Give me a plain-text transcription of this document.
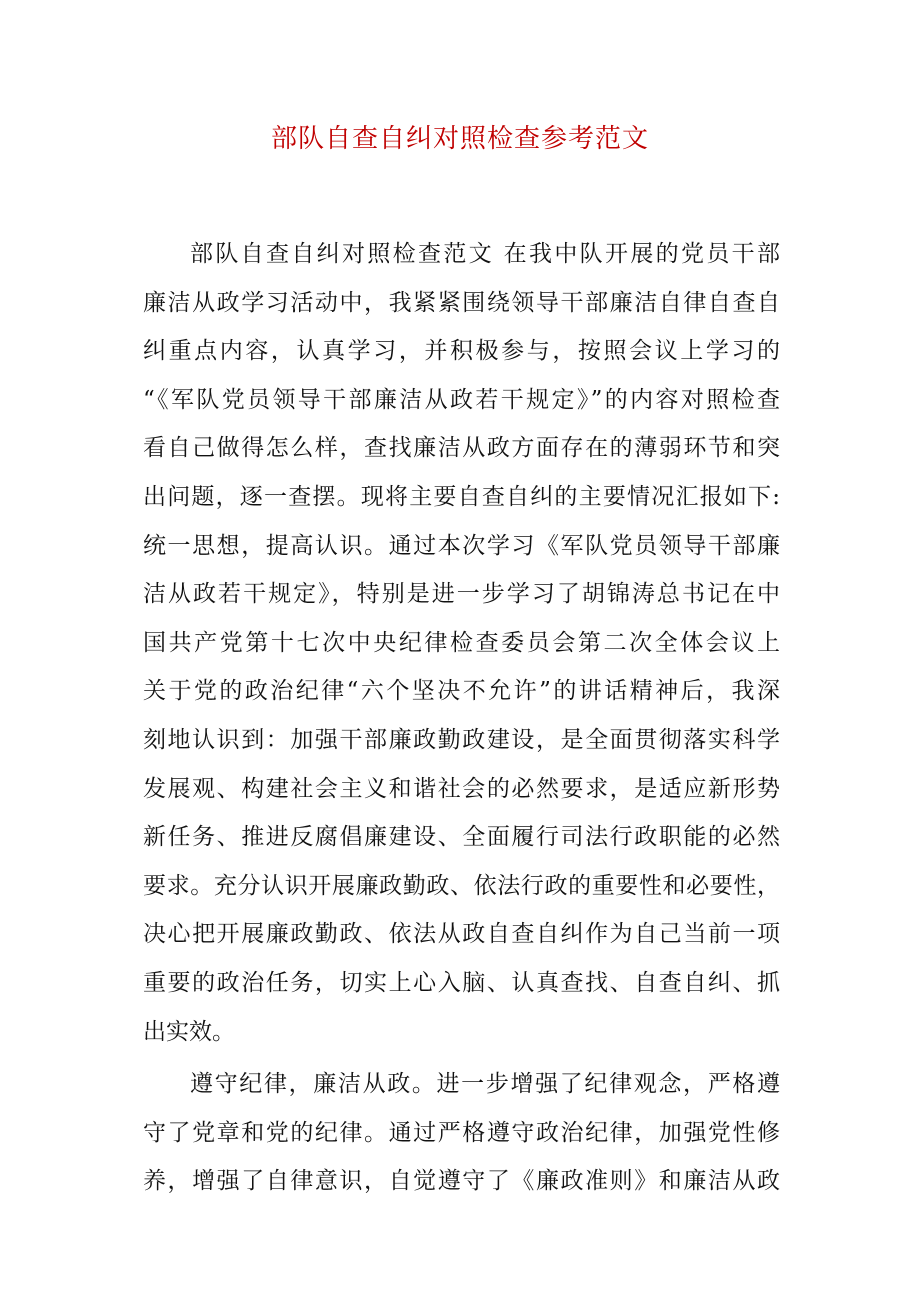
部队自查自纠对照检查参考范文
部队自查自纠对照检查范文 在我中队开展的党员干部
廉洁从政学习活动中，我紧紧围绕领导干部廉洁自律自查自
纠重点内容，认真学习，并积极参与，按照会议上学习的
“《军队党员领导干部廉洁从政若干规定》”的内容对照检查
看自己做得怎么样，查找廉洁从政方面存在的薄弱环节和突
出问题，逐一查摆。现将主要自查自纠的主要情况汇报如下:
统一思想，提高认识。通过本次学习《军队党员领导干部廉
洁从政若干规定》，特别是进一步学习了胡锦涛总书记在中
国共产党第十七次中央纪律检查委员会第二次全体会议上
关于党的政治纪律“六个坚决不允许”的讲话精神后，我深
刻地认识到：加强干部廉政勤政建设，是全面贯彻落实科学
发展观、构建社会主义和谐社会的必然要求，是适应新形势
新任务、推进反腐倡廉建设、全面履行司法行政职能的必然
要求。充分认识开展廉政勤政、依法行政的重要性和必要性，
决心把开展廉政勤政、依法从政自查自纠作为自己当前一项
重要的政治任务，切实上心入脑、认真查找、自查自纠、抓
出实效。
遵守纪律，廉洁从政。进一步增强了纪律观念，严格遵
守了党章和党的纪律。通过严格遵守政治纪律，加强党性修
养，增强了自律意识，自觉遵守了《廉政准则》和廉洁从政
